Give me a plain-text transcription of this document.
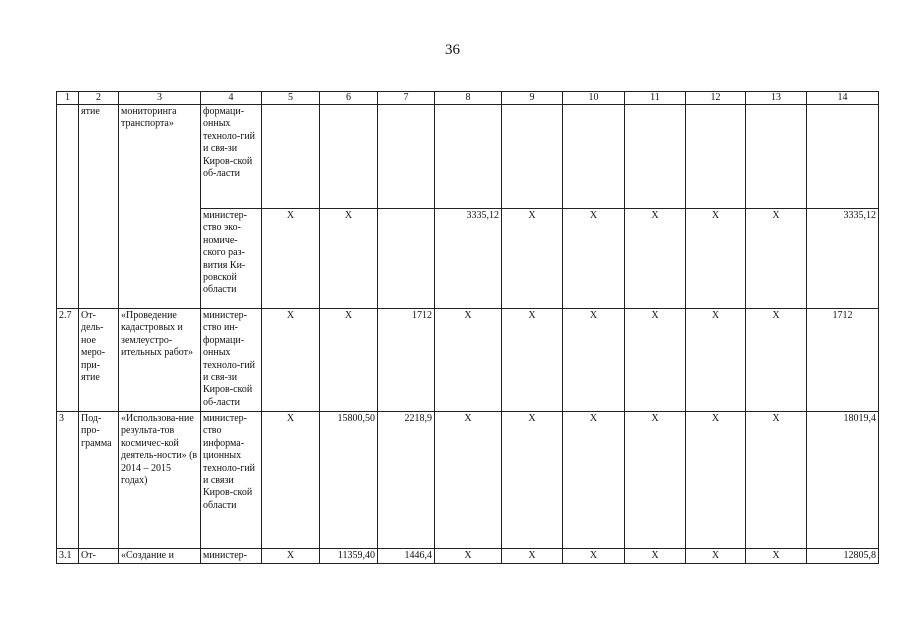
36
1	2	3	4	5	6	7	8	9	10	11	12	13	14
	ятие	мониторинга транспорта»	формаци-онных техноло-гий и свя-зи Киров-ской об-ласти										
			министер-ство эко-номиче-ского раз-вития Ки-ровской области	X	X		3335,12	X	X	X	X	X	3335,12
2.7	От-дель-ное меро-при-ятие	«Проведение кадастровых и землеустро-ительных работ»	министер-ство ин-формаци-онных техноло-гий и свя-зи Киров-ской об-ласти	X	X	1712	X	X	X	X	X	X	1712
3	Под-про-грамма	«Использова-ние результа-тов космичес-кой деятель-ности» (в 2014 – 2015 годах)	министер-ство информа-ционных техноло-гий и связи Киров-ской области	X	15800,50	2218,9	X	X	X	X	X	X	18019,4
3.1	От-	«Создание и	министер-	X	11359,40	1446,4	X	X	X	X	X	X	12805,8
